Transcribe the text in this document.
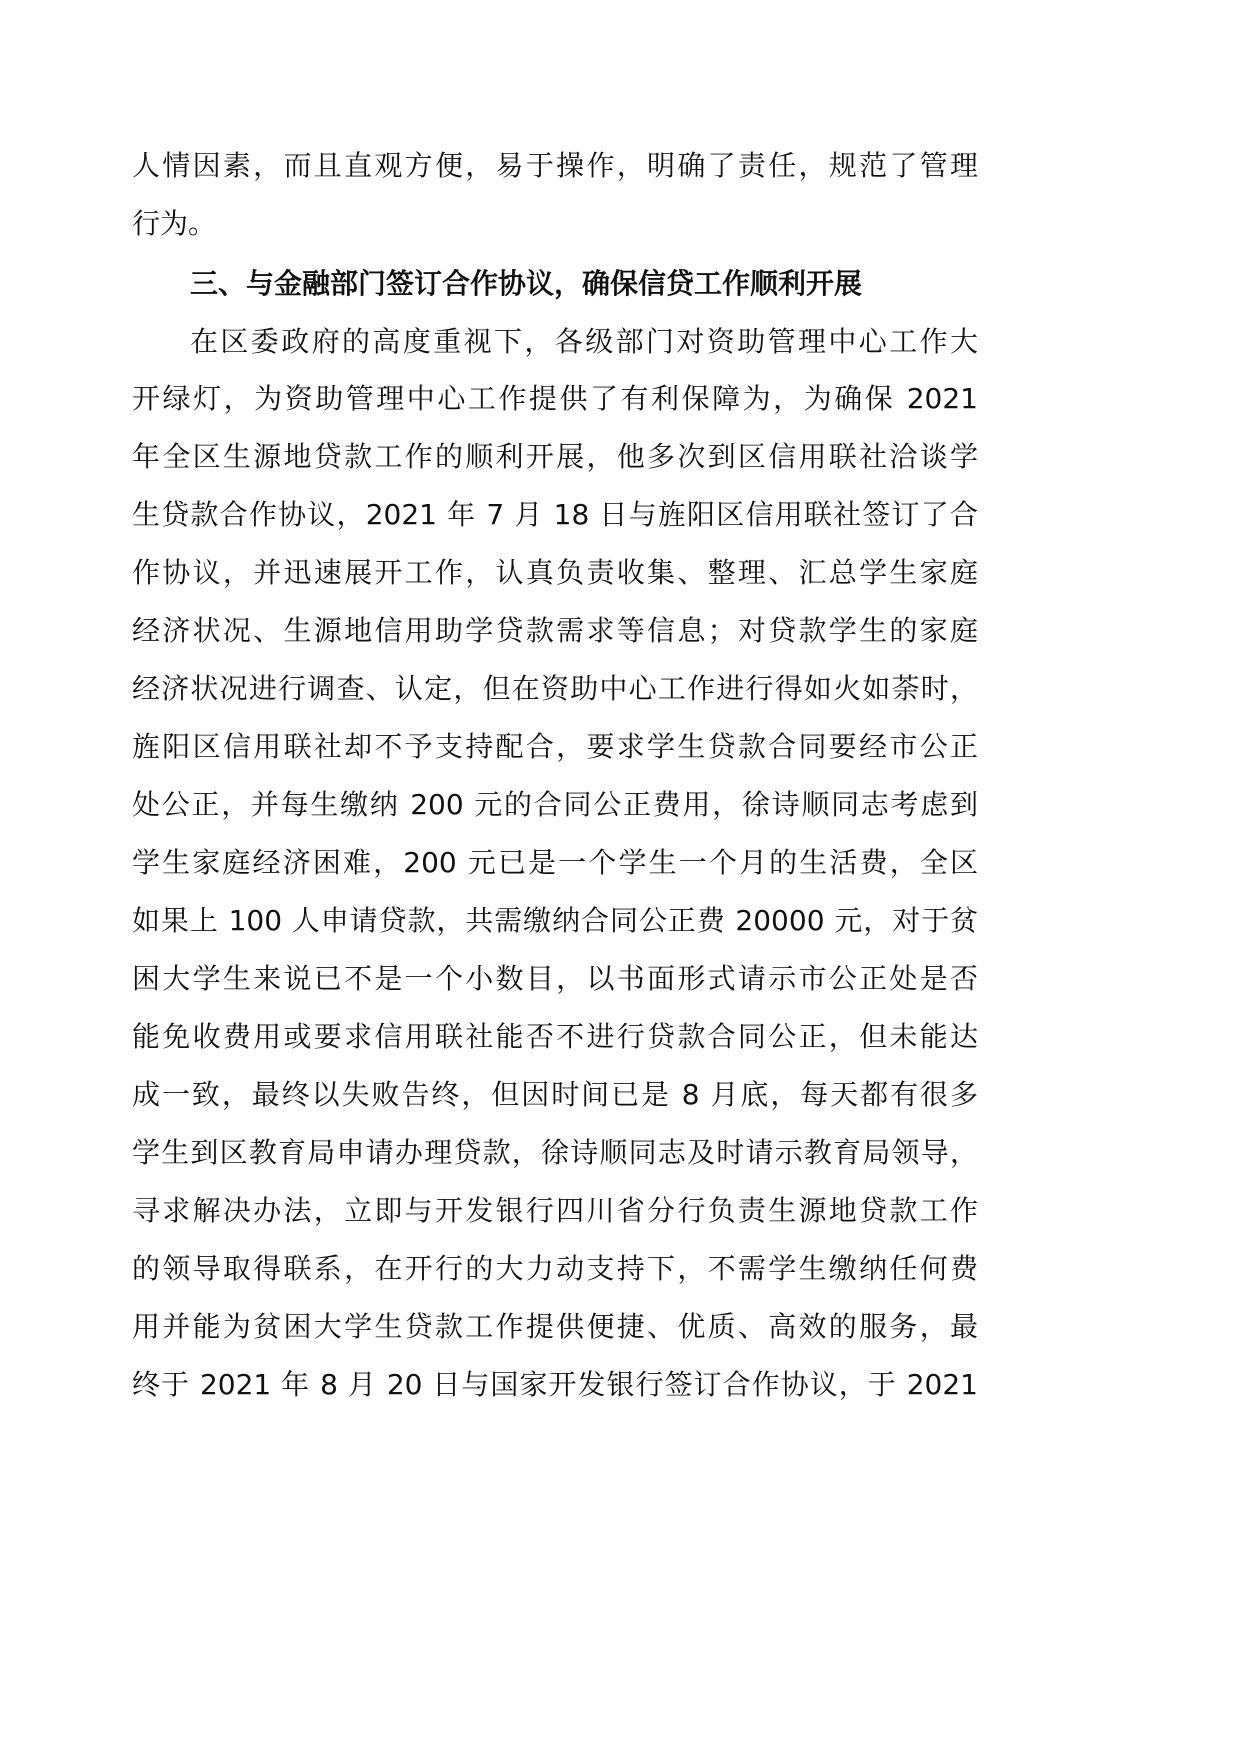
人情因素，而且直观方便，易于操作，明确了责任，规范了管理
行为。
三、与金融部门签订合作协议，确保信贷工作顺利开展
在区委政府的高度重视下，各级部门对资助管理中心工作大
开绿灯，为资助管理中心工作提供了有利保障为，为确保 2021
年全区生源地贷款工作的顺利开展，他多次到区信用联社洽谈学
生贷款合作协议，2021 年 7 月 18 日与旌阳区信用联社签订了合
作协议，并迅速展开工作，认真负责收集、整理、汇总学生家庭
经济状况、生源地信用助学贷款需求等信息；对贷款学生的家庭
经济状况进行调查、认定，但在资助中心工作进行得如火如荼时，
旌阳区信用联社却不予支持配合，要求学生贷款合同要经市公正
处公正，并每生缴纳 200 元的合同公正费用，徐诗顺同志考虑到
学生家庭经济困难，200 元已是一个学生一个月的生活费，全区
如果上 100 人申请贷款，共需缴纳合同公正费 20000 元，对于贫
困大学生来说已不是一个小数目，以书面形式请示市公正处是否
能免收费用或要求信用联社能否不进行贷款合同公正，但未能达
成一致，最终以失败告终，但因时间已是 8 月底，每天都有很多
学生到区教育局申请办理贷款，徐诗顺同志及时请示教育局领导，
寻求解决办法，立即与开发银行四川省分行负责生源地贷款工作
的领导取得联系，在开行的大力动支持下，不需学生缴纳任何费
用并能为贫困大学生贷款工作提供便捷、优质、高效的服务，最
终于 2021 年 8 月 20 日与国家开发银行签订合作协议，于 2021
